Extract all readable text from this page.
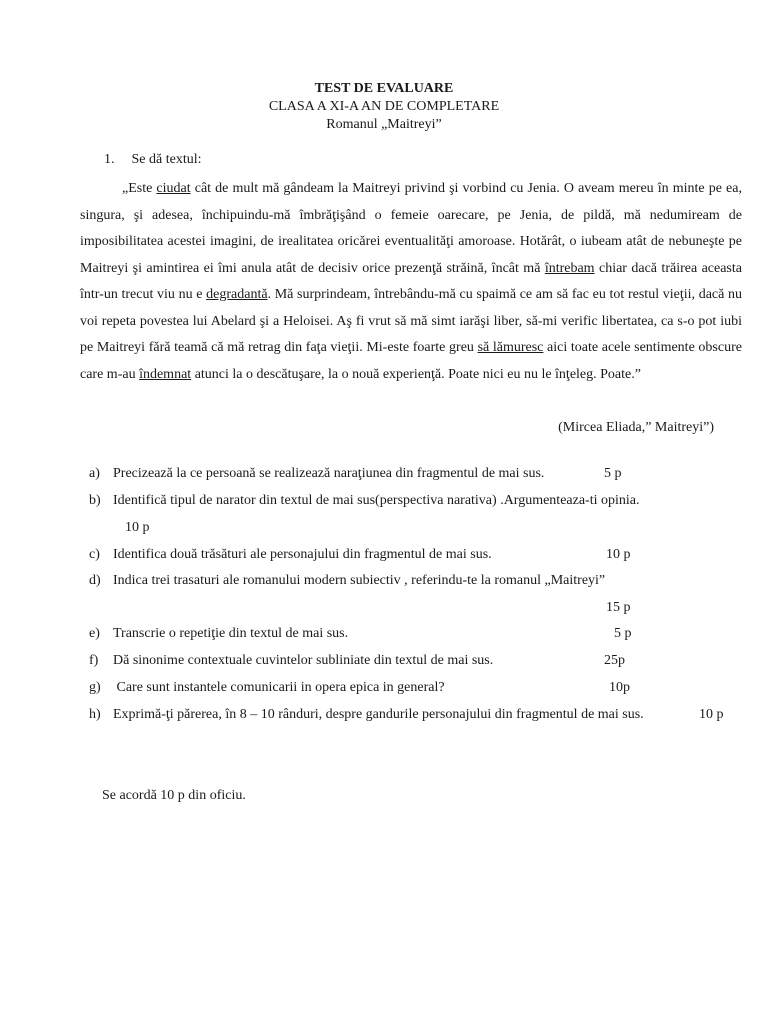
TEST DE EVALUARE
CLASA A XI-A AN DE COMPLETARE
Romanul „Maitreyi”
1. Se dă textul:
„Este ciudat cât de mult mă gândeam la Maitreyi privind şi vorbind cu Jenia. O aveam mereu în minte pe ea, singura, şi adesea, închipuindu-mă îmbrăţişând o femeie oarecare, pe Jenia, de pildă, mă nedumiream de imposibilitatea acestei imagini, de irealitatea oricărei eventualităţi amoroase. Hotărât, o iubeam atât de nebuneşte pe Maitreyi şi amintirea ei îmi anula atât de decisiv orice prezenţă străină, încât mă întrebam chiar dacă trăirea aceasta într-un trecut viu nu e degradantă. Mă surprindeam, întrebându-mă cu spaimă ce am să fac eu tot restul vieţii, dacă nu voi repeta povestea lui Abelard şi a Heloisei. Aş fi vrut să mă simt iarăşi liber, să-mi verific libertatea, ca s-o pot iubi pe Maitreyi fără teamă că mă retrag din faţa vieţii. Mi-este foarte greu să lămuresc aici toate acele sentimente obscure care m-au îndemnat atunci la o descătuşare, la o nouă experienţă. Poate nici eu nu le înţeleg. Poate.”
(Mircea Eliada,” Maitreyi”)
a) Precizează la ce persoană se realizează naraţiunea din fragmentul de mai sus.	5 p
b) Identifică tipul de narator din textul de mai sus(perspectiva narativa) .Argumenteaza-ti opinia.
10 p
c) Identifica două trăsături ale personajului din fragmentul de mai sus.	10 p
d) Indica trei trasaturi ale romanului modern subiectiv , referindu-te la romanul „Maitreyi”
15 p
e) Transcrie o repetiţie din textul de mai sus.	5 p
f) Dă sinonime contextuale cuvintelor subliniate din textul de mai sus.	25p
g) Care sunt instantele comunicarii in opera epica in general?	10p
h) Exprimă-ţi părerea, în 8 – 10 rânduri, despre gandurile personajului din fragmentul de mai sus.	10 p
Se acordă 10 p din oficiu.
